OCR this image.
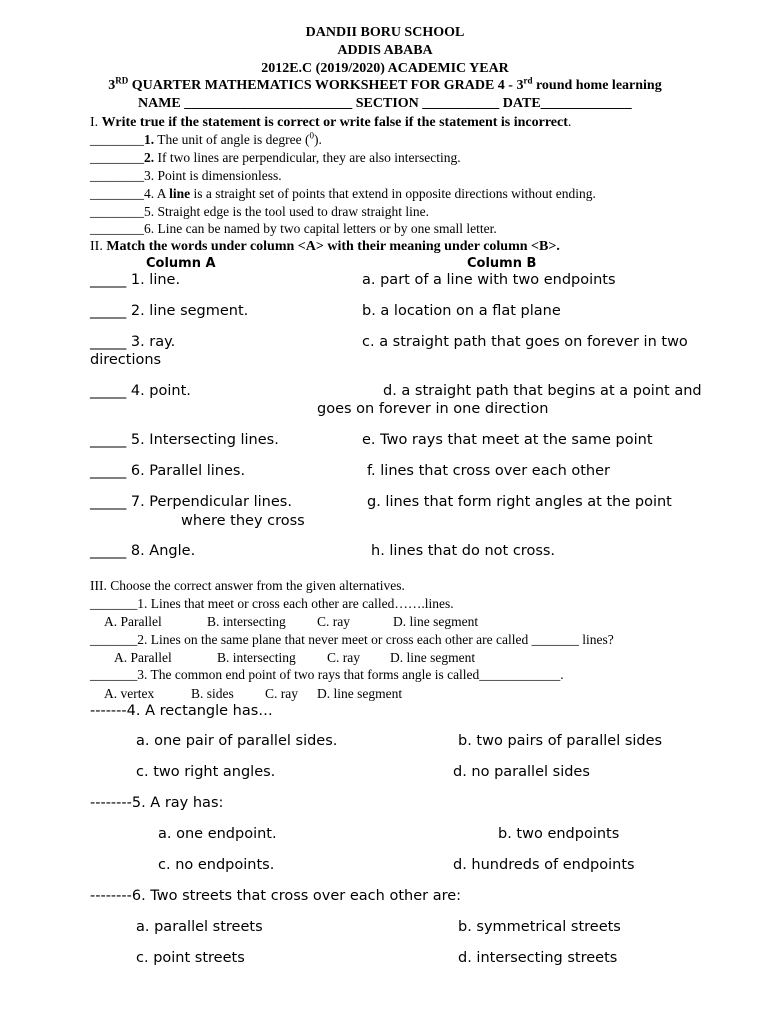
DANDII BORU SCHOOL
ADDIS ABABA
2012E.C (2019/2020) ACADEMIC YEAR
3RD QUARTER MATHEMATICS WORKSHEET FOR GRADE 4 - 3rd round home learning
NAME ________________________ SECTION ___________ DATE_____________
I. Write true if the statement is correct or write false if the statement is incorrect.
________1. The unit of angle is degree ($^0$).
________2. If two lines are perpendicular, they are also intersecting.
________3. Point is dimensionless.
________4. A line is a straight set of points that extend in opposite directions without ending.
________5. Straight edge is the tool used to draw straight line.
________6. Line can be named by two capital letters or by one small letter.
II. Match the words under column ˂A˃ with their meaning under column ˂B˃.
Column A	Column B
_____ 1. line.	a. part of a line with two endpoints
_____ 2. line segment.	b. a location on a flat plane
_____ 3. ray.	c. a straight path that goes on forever in two
directions
_____ 4. point.	d. a straight path that begins at a point and
goes on forever in one direction
_____ 5. Intersecting lines.	e. Two rays that meet at the same point
_____ 6. Parallel lines.	f. lines that cross over each other
_____ 7. Perpendicular lines.	g. lines that form right angles at the point
where they cross
_____ 8. Angle.	h. lines that do not cross.
III. Choose the correct answer from the given alternatives.
_______1. Lines that meet or cross each other are called…….lines.
A. Parallel	B. intersecting C. ray	D. line segment
_______2. Lines on the same plane that never meet or cross each other are called _______ lines?
A. Parallel	B. intersecting C. ray D. line segment
_______3. The common end point of two rays that forms angle is called____________.
A. vertex	B. sides C. ray D. line segment
-------4. A rectangle has…
a. one pair of parallel sides.	b. two pairs of parallel sides
c. two right angles.	d. no parallel sides
--------5. A ray has:
a. one endpoint.	b. two endpoints
c. no endpoints.	d. hundreds of endpoints
--------6. Two streets that cross over each other are:
a. parallel streets	b. symmetrical streets
c. point streets	d. intersecting streets
